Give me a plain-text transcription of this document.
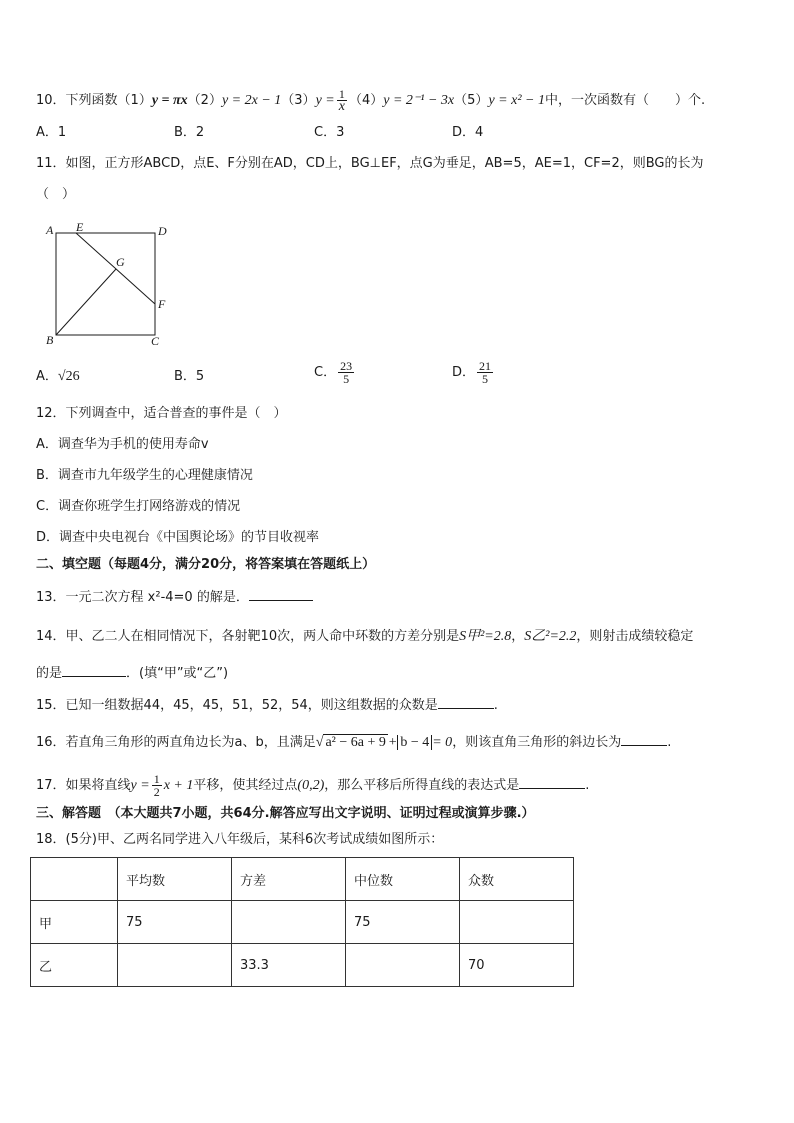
10．下列函数$(1)y = \pi x(2)y = 2x - 1(3)y = \frac{1}{x} (4)y = 2^{-1} - 3x(5)y = x^2 - 1$中，一次函数有（　　）个.
A．1	B．2	C．3	D．4
11．如图，正方形ABCD，点E、F分别在AD，CD上，BG⊥EF，点G为垂足，AB=5，AE=1，CF=2，则BG的长为
（　）
A E	D
G
F
B	C
A．√26	B．5	C． $\frac{23}{5}$	D． $\frac{21}{5}$
12．下列调查中，适合普查的事件是（　）
A．调查华为手机的使用寿命v
B．调查市九年级学生的心理健康情况
C．调查你班学生打网络游戏的情况
D．调查中央电视台《中国舆论场》的节目收视率
二、填空题（每题4分，满分20分，将答案填在答题纸上）
13．一元二次方程 x²-4=0 的解是．
14．甲、乙二人在相同情况下，各射靶10次，两人命中环数的方差分别是S甲²=2.8，S乙²=2.2，则射击成绩较稳定
的是	．(填“甲”或“乙”)
15．已知一组数据44，45，45，51，52，54，则这组数据的众数是	.
16．若直角三角形的两直角边长为a、b，且满足√ a² − 6a + 9 + b − 4 = 0，则该直角三角形的斜边长为	.
17．如果将直线$y = \frac{1}{2}$ x + 1平移，使其经过点(0,2)，那么平移后所得直线的表达式是	.
三、解答题　（本大题共7小题，共64分.解答应写出文字说明、证明过程或演算步骤.）
18．(5分)甲、乙两名同学进入八年级后，某科6次考试成绩如图所示：
	平均数	方差	中位数	众数
甲	75		75	
乙		33.3		70
